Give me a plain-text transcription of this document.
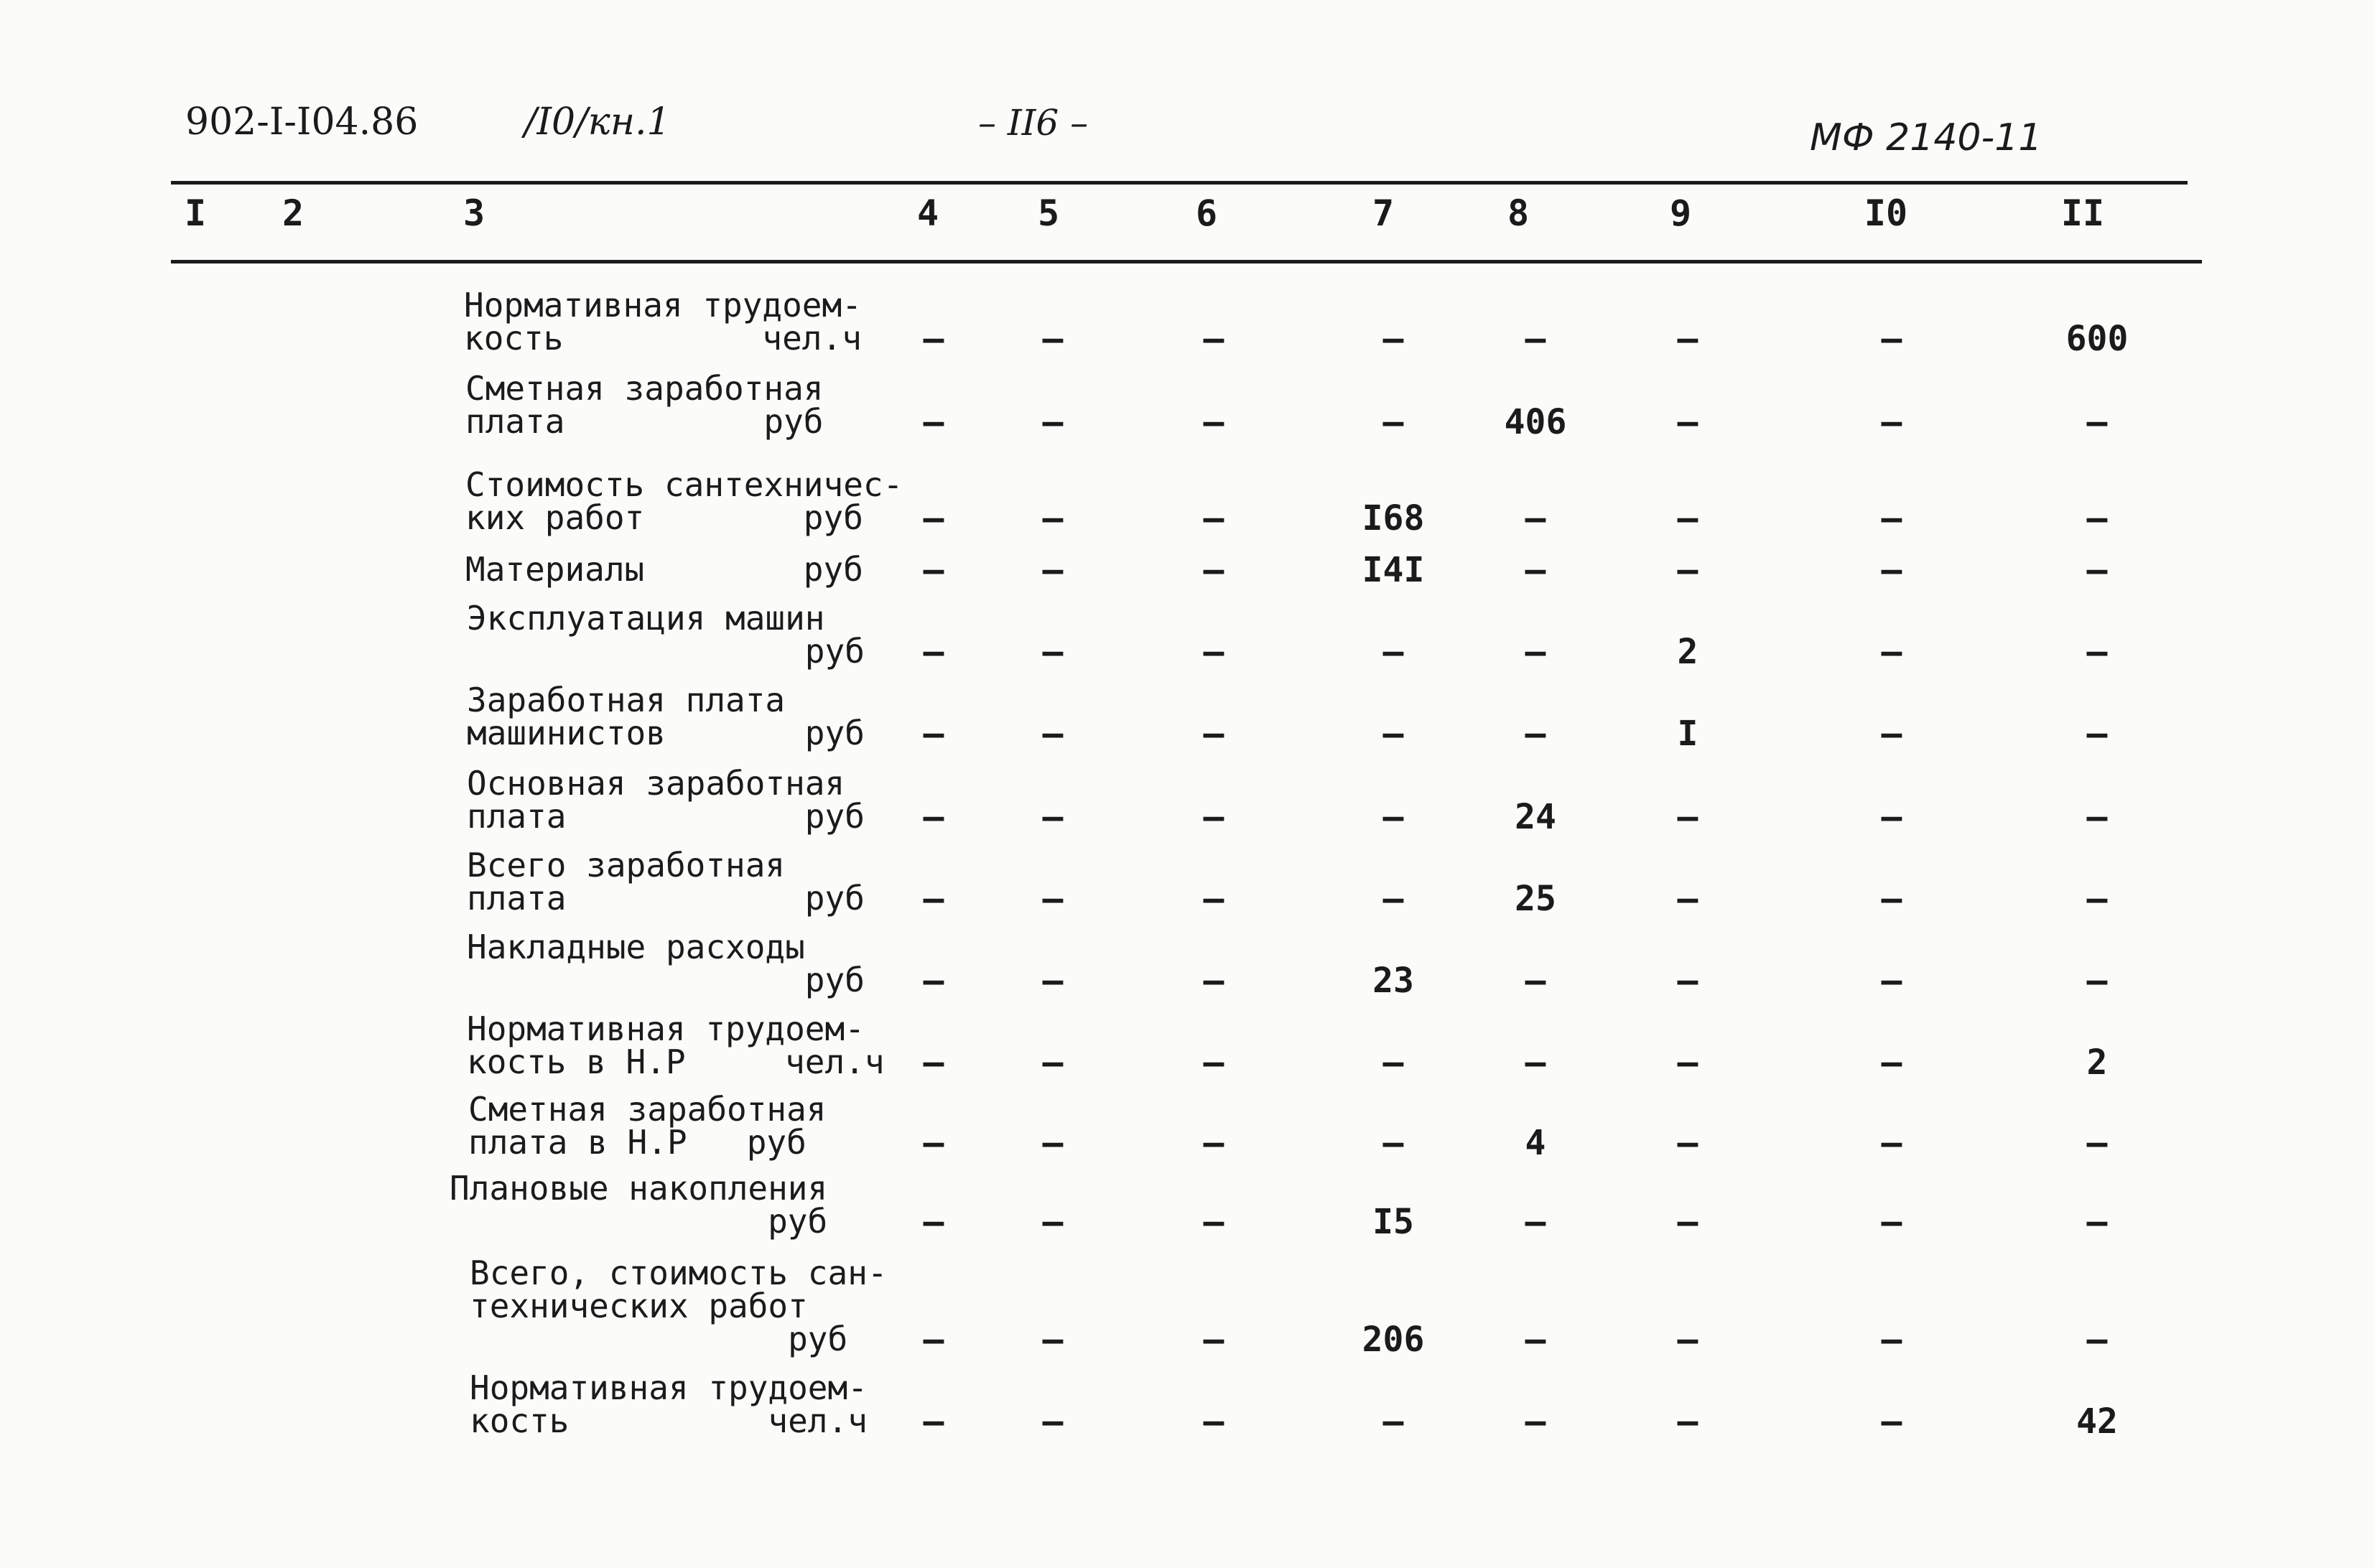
902-I-I04.86	/I0/кн.1	– II6 –	МФ 2140-11
I	2	3	4	5	6	7	8	9	I0	II
Нормативная трудоем-
кость          чел.ч	–	–	–	–	–	–	–	600
Сметная заработная
плата          руб	–	–	–	–	406	–	–	–
Стоимость сантехничес-
ких работ        руб	–	–	–	I68	–	–	–	–
Материалы        руб	–	–	–	I4I	–	–	–	–
Эксплуатация машин
руб	–	–	–	–	–	2	–	–
Заработная плата
машинистов       руб	–	–	–	–	–	I	–	–
Основная заработная
плата            руб	–	–	–	–	24	–	–	–
Всего заработная
плата            руб	–	–	–	–	25	–	–	–
Накладные расходы
руб	–	–	–	23	–	–	–	–
Нормативная трудоем-
кость в Н.Р     чел.ч	–	–	–	–	–	–	–	2
Сметная заработная
плата в Н.Р   руб	–	–	–	–	4	–	–	–
Плановые накопления
руб	–	–	–	I5	–	–	–	–
Всего, стоимость сан-
технических работ
руб	–	–	–	206	–	–	–	–
Нормативная трудоем-
кость          чел.ч	–	–	–	–	–	–	–	42
